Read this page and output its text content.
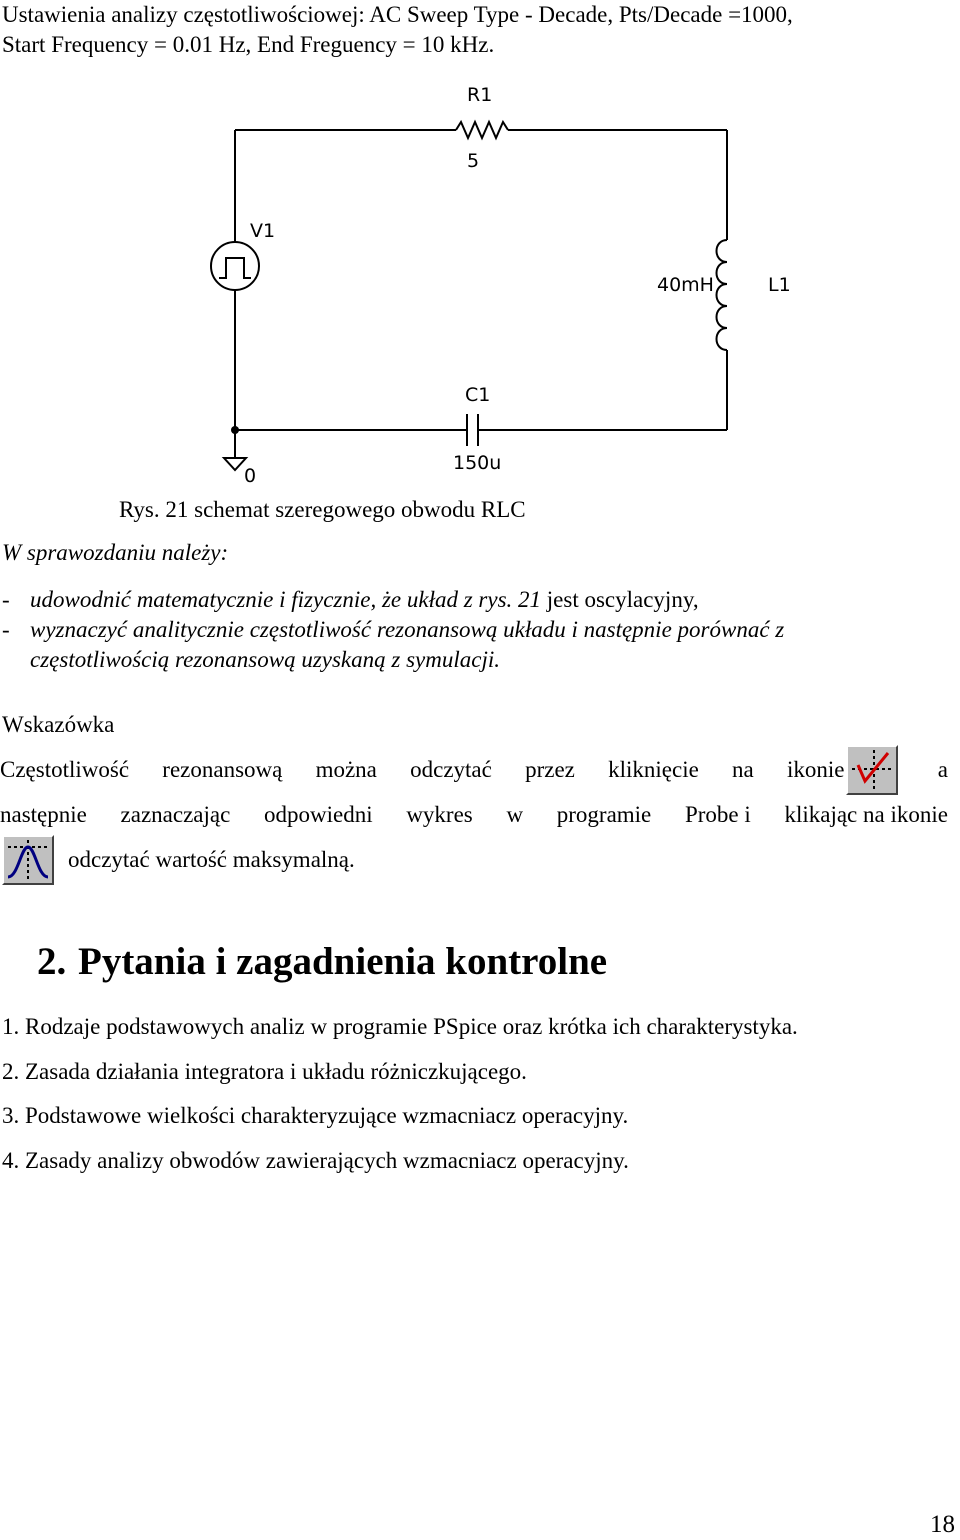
Ustawienia analizy częstotliwościowej: AC Sweep Type - Decade, Pts/Decade =1000,
Start Frequency = 0.01 Hz, End Freguency = 10 kHz.
R1
5
V1
40mH	L1
C1
150u
0
Rys. 21 schemat szeregowego obwodu RLC
W sprawozdaniu należy:
- udowodnić matematycznie i fizycznie, że układ z rys. 21 jest oscylacyjny,
- wyznaczyć analitycznie częstotliwość rezonansową układu i następnie porównać z
częstotliwością rezonansową uzyskaną z symulacji.
Wskazówka
Częstotliwość rezonansową można odczytać przez kliknięcie na ikonie	a
następnie zaznaczając odpowiedni wykres w programie Probe i klikając na ikonie
odczytać wartość maksymalną.
2. Pytania i zagadnienia kontrolne
1. Rodzaje podstawowych analiz w programie PSpice oraz krótka ich charakterystyka.
2. Zasada działania integratora i układu różniczkującego.
3. Podstawowe wielkości charakteryzujące wzmacniacz operacyjny.
4. Zasady analizy obwodów zawierających wzmacniacz operacyjny.
18
